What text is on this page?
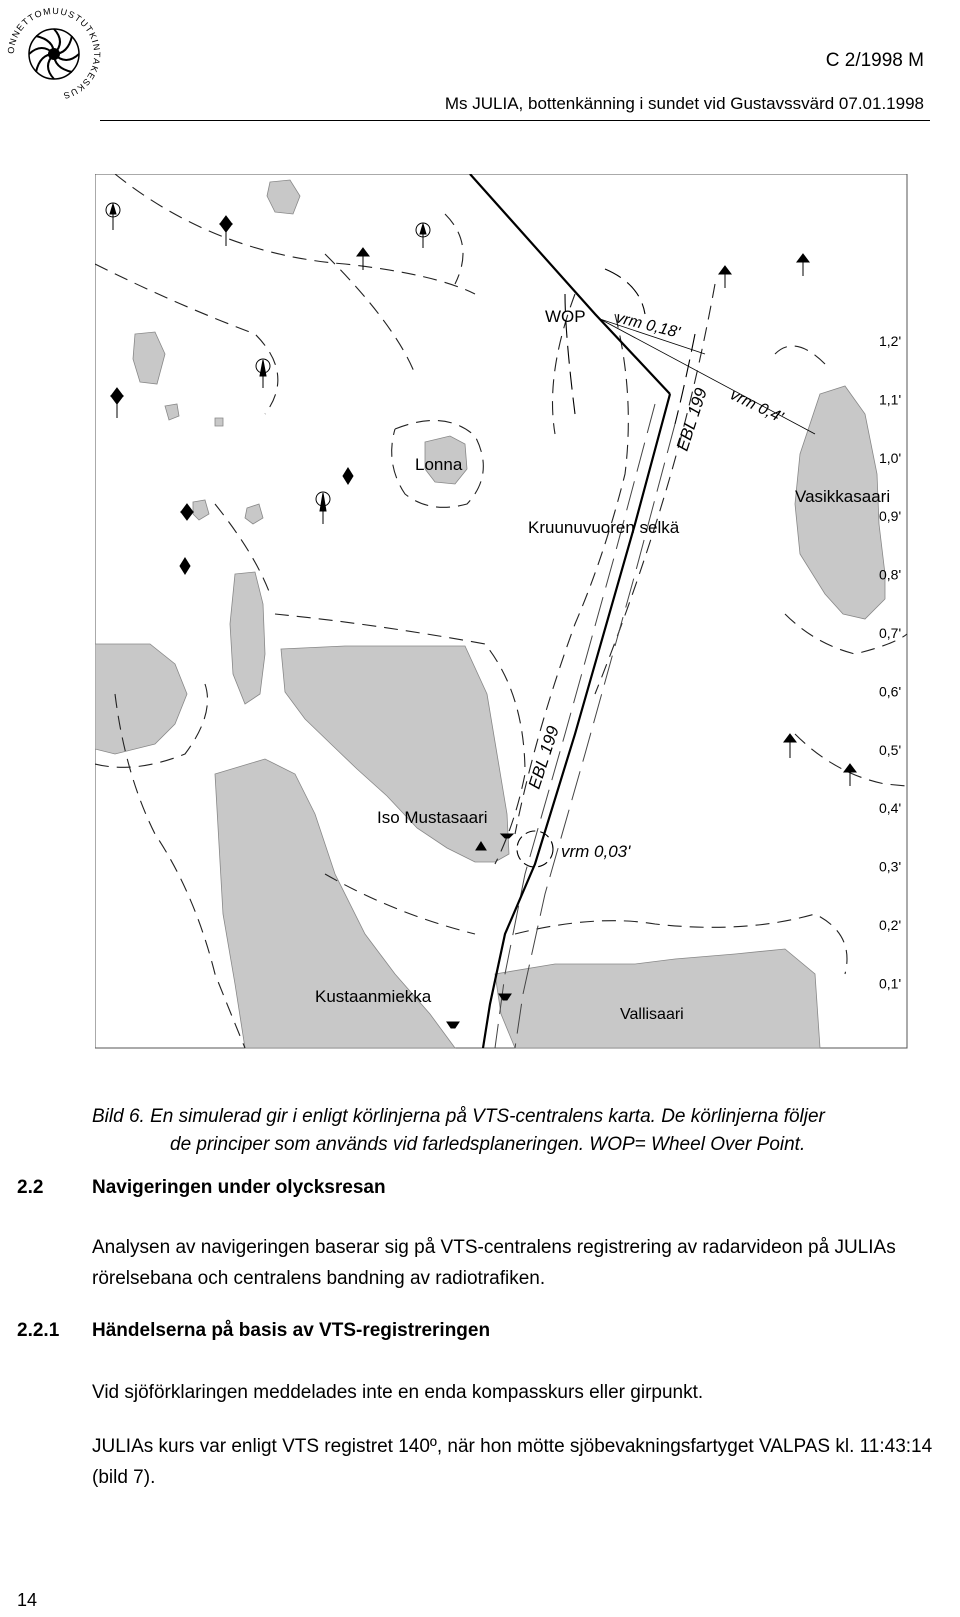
ONNETTOMUUSTUTKINTAKESKUS
C 2/1998 M
Ms JULIA, bottenkänning i sundet vid Gustavssvärd 07.01.1998
WOP vrm 0,18'
EBL 199 vrm 0,4'
Lonna
Vasikkasaari
Kruunuvuoren selkä
EBL 199
Iso Mustasaari
vrm 0,03'
Kustaanmiekka
Vallisaari
1,2'
1,1'
1,0'
0,9'
0,8'
0,7'
0,6'
0,5'
0,4'
0,3'
0,2'
0,1'
Bild 6. En simulerad gir i enligt körlinjerna på VTS-centralens karta. De körlinjerna följer
de principer som används vid farledsplaneringen. WOP= Wheel Over Point.
2.2	Navigeringen under olycksresan
Analysen av navigeringen baserar sig på VTS-centralens registrering av radarvideon på JULIAs rörelsebana och centralens bandning av radiotrafiken.
2.2.1 Händelserna på basis av VTS-registreringen
Vid sjöförklaringen meddelades inte en enda kompasskurs eller girpunkt.
JULIAs kurs var enligt VTS registret 140º, när hon mötte sjöbevakningsfartyget VALPAS kl. 11:43:14 (bild 7).
14
